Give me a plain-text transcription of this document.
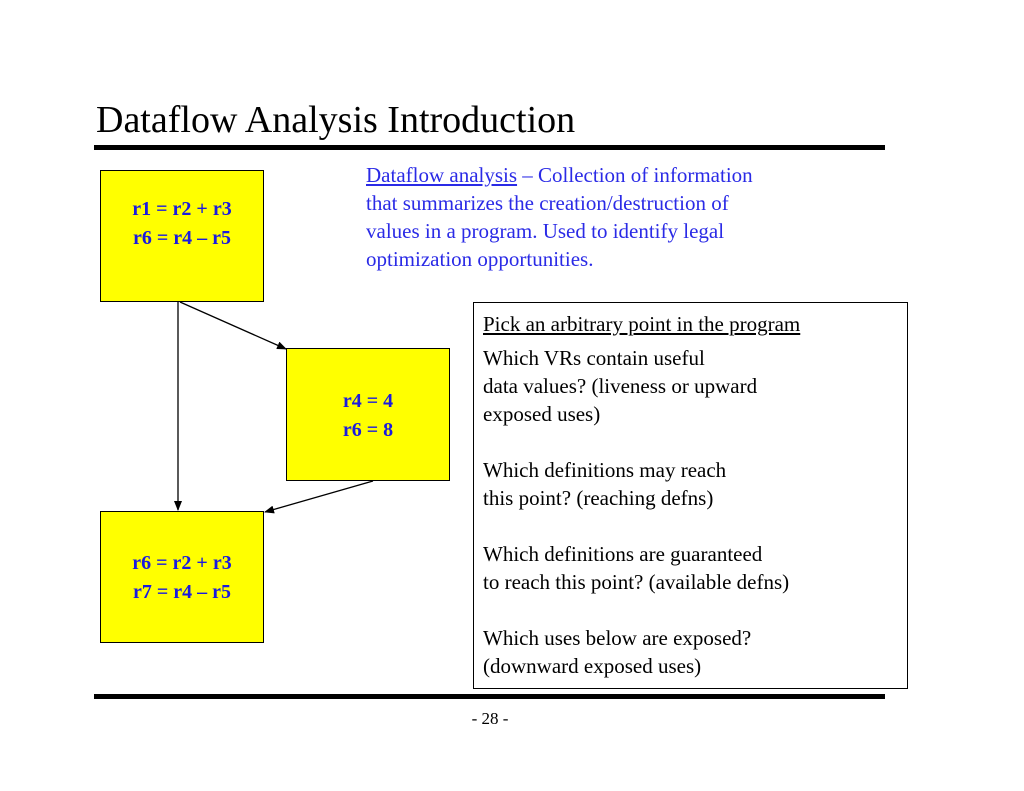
Dataflow Analysis Introduction
Dataflow analysis – Collection of information
that summarizes the creation/destruction of
values in a program. Used to identify legal
optimization opportunities.
r1 = r2 + r3
r6 = r4 – r5
r4 = 4
r6 = 8
r6 = r2 + r3
r7 = r4 – r5
Pick an arbitrary point in the program
Which VRs contain useful
data values? (liveness or upward
exposed uses)
Which definitions may reach
this point? (reaching defns)
Which definitions are guaranteed
to reach this point? (available defns)
Which uses below are exposed?
(downward exposed uses)
- 28 -
